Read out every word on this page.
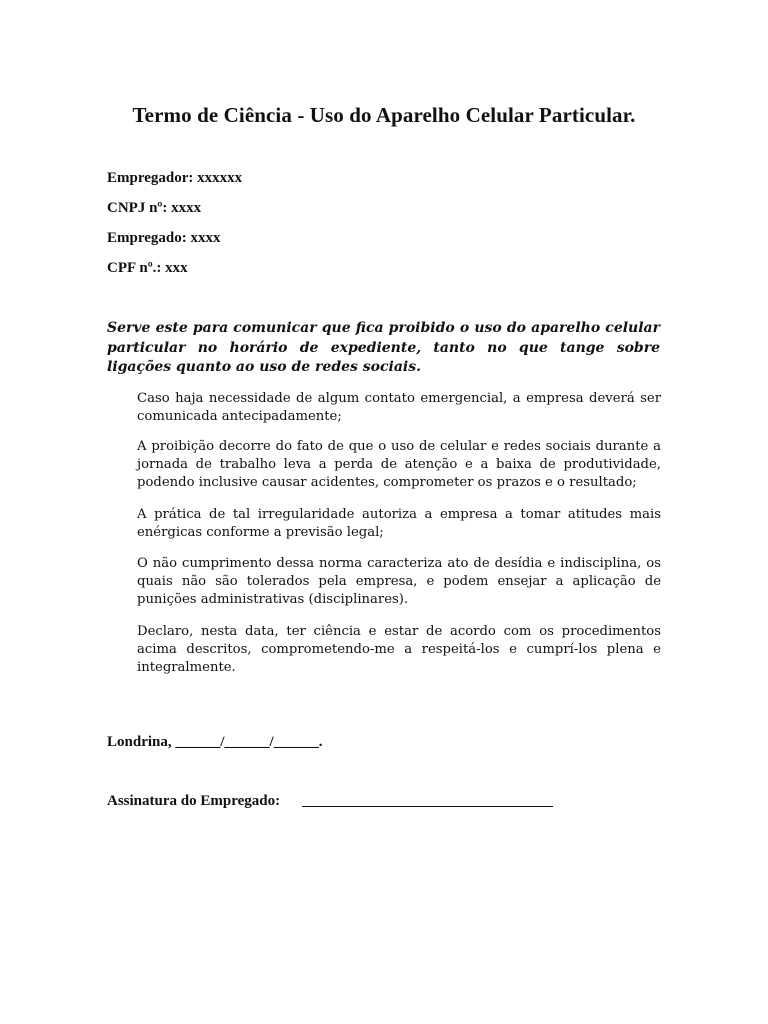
Termo de Ciência - Uso do Aparelho Celular Particular.

Empregador: xxxxxx

CNPJ nº: xxxx

Empregado: xxxx

CPF nº.: xxx

Serve este para comunicar que fica proibido o uso do aparelho celular particular no horário de expediente, tanto no que tange sobre ligações quanto ao uso de redes sociais.

Caso haja necessidade de algum contato emergencial, a empresa deverá ser comunicada antecipadamente;

A proibição decorre do fato de que o uso de celular e redes sociais durante a jornada de trabalho leva a perda de atenção e a baixa de produtividade, podendo inclusive causar acidentes, comprometer os prazos e o resultado;

A prática de tal irregularidade autoriza a empresa a tomar atitudes mais enérgicas conforme a previsão legal;

O não cumprimento dessa norma caracteriza ato de desídia e indisciplina, os quais não são tolerados pela empresa, e podem ensejar a aplicação de punições administrativas (disciplinares).

Declaro, nesta data, ter ciência e estar de acordo com os procedimentos acima descritos, comprometendo-me a respeitá-los e cumprí-los plena e integralmente.

Londrina, ______/______/______.

Assinatura do Empregado:
